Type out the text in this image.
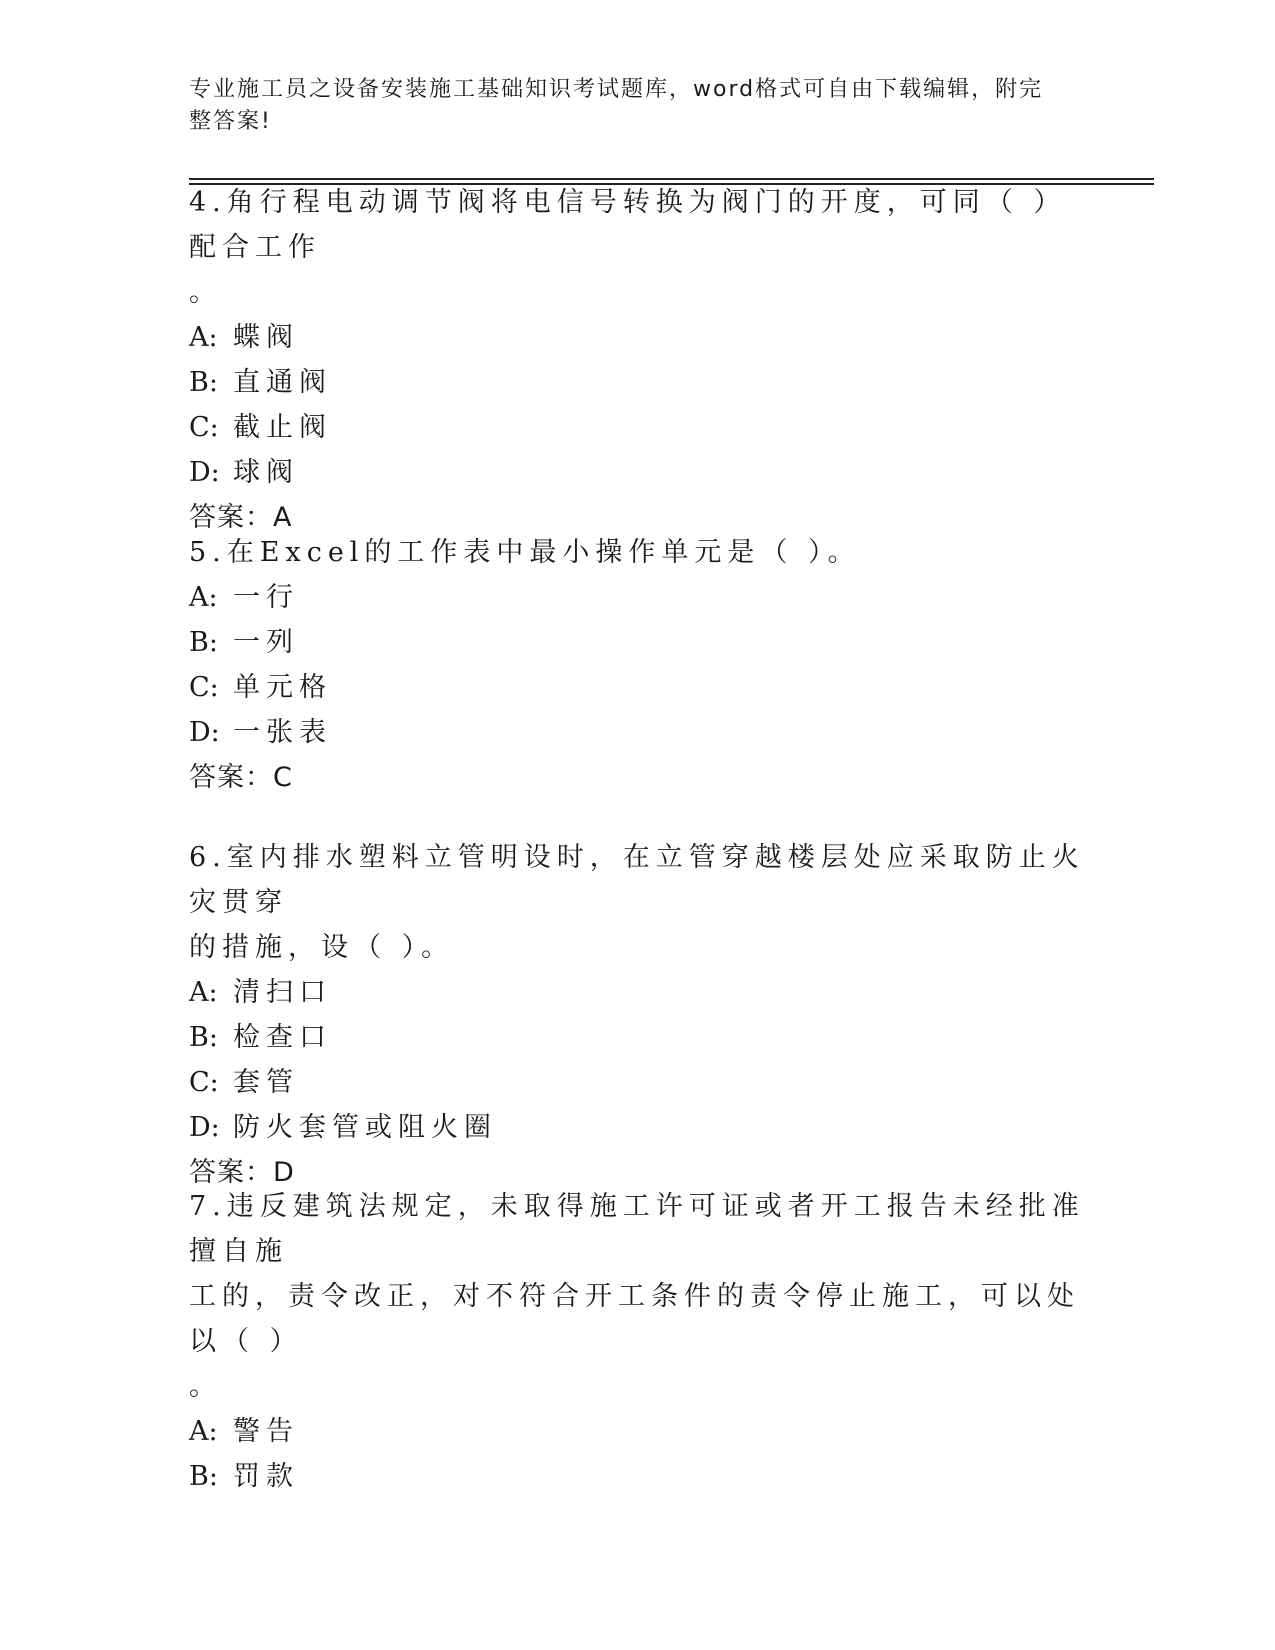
专业施工员之设备安装施工基础知识考试题库，word格式可自由下载编辑，附完
整答案!

4.角行程电动调节阀将电信号转换为阀门的开度，可同（ ）配合工作
。

A: 蝶阀

B: 直通阀

C: 截止阀

D: 球阀

答案：A

5.在Excel的工作表中最小操作单元是（ ）。

A: 一行

B: 一列

C: 单元格

D: 一张表

答案：C

6.室内排水塑料立管明设时，在立管穿越楼层处应采取防止火灾贯穿
的措施，设（ ）。

A: 清扫口

B: 检查口

C: 套管

D: 防火套管或阻火圈

答案：D

7.违反建筑法规定，未取得施工许可证或者开工报告未经批准擅自施
工的，责令改正，对不符合开工条件的责令停止施工，可以处以（ ）
。

A: 警告

B: 罚款
